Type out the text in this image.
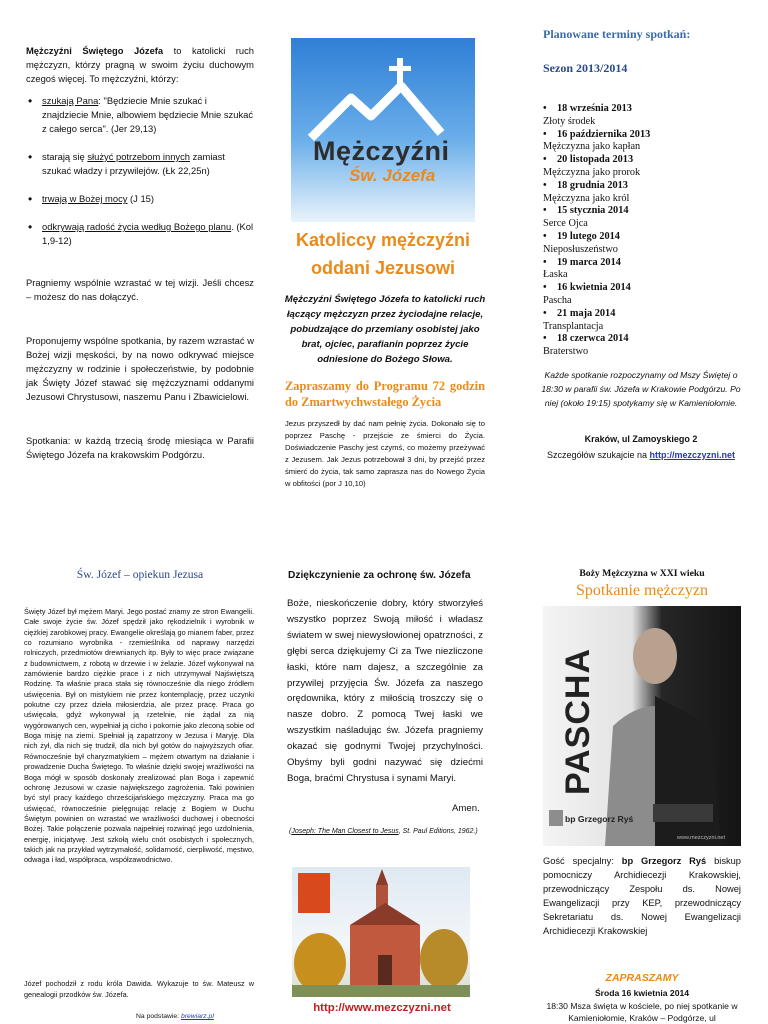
Mężczyźni Świętego Józefa to katolicki ruch mężczyzn, którzy pragną w swoim życiu duchowym czegoś więcej. To mężczyźni, którzy:
• szukają Pana: "Będziecie Mnie szukać i znajdziecie Mnie, albowiem będziecie Mnie szukać z całego serca". (Jer 29,13)
• starają się służyć potrzebom innych zamiast szukać władzy i przywilejów. (Łk 22,25n)
• trwają w Bożej mocy (J 15)
• odkrywają radość życia według Bożego planu. (Kol 1,9-12)
Pragniemy wspólnie wzrastać w tej wizji. Jeśli chcesz – możesz do nas dołączyć.
Proponujemy wspólne spotkania, by razem wzrastać w Bożej wizji męskości, by na nowo odkrywać miejsce mężczyzny w rodzinie i społeczeństwie, by podobnie jak Święty Józef stawać się mężczyznami oddanymi Jezusowi Chrystusowi, naszemu Panu i Zbawicielowi.
Spotkania: w każdą trzecią środę miesiąca w Parafii Świętego Józefa na krakowskim Podgórzu.
Mężczyźni
Św. Józefa
Katoliccy mężczyźni
oddani Jezusowi
Mężczyźni Świętego Józefa to katolicki ruch łączący mężczyzn przez życiodajne relacje, pobudzające do przemiany osobistej jako brat, ojciec, parafianin poprzez życie odniesione do Bożego Słowa.
Zapraszamy do Programu 72 godzin do Zmartwychwstałego Życia
Jezus przyszedł by dać nam pełnię życia. Dokonało się to poprzez Paschę - przejście ze śmierci do Życia. Doświadczenie Paschy jest czymś, co możemy przeżywać z Jezusem. Jak Jezus potrzebował 3 dni, by przejść przez śmierć do życia, tak samo zaprasza nas do Nowego Życia w obfitości (por J 10,10)
Planowane terminy spotkań:
Sezon 2013/2014
• 18 września 2013
Złoty środek
• 16 października 2013
Mężczyzna jako kapłan
• 20 listopada 2013
Mężczyzna jako prorok
• 18 grudnia 2013
Mężczyzna jako król
• 15 stycznia 2014
Serce Ojca
• 19 lutego 2014
Nieposłuszeństwo
• 19 marca 2014
Łaska
• 16 kwietnia 2014
Pascha
• 21 maja 2014
Transplantacja
• 18 czerwca 2014
Braterstwo
Każde spotkanie rozpoczynamy od Mszy Świętej o 18:30 w parafii św. Józefa w Krakowie Podgórzu. Po niej (około 19:15) spotykamy się w Kamieniołomie.
Kraków, ul Zamoyskiego 2
Szczegółów szukajcie na http://mezczyzni.net
Św. Józef – opiekun Jezusa
Święty Józef był mężem Maryi. Jego postać znamy ze stron Ewangelii. Całe swoje życie św. Józef spędził jako rękodzielnik i wyrobnik w ciężkiej zarobkowej pracy. Ewangelie określają go mianem faber, przez co rozumiano wyrobnika - rzemieślnika od naprawy narzędzi rolniczych, przedmiotów drewnianych itp. Były to więc prace związane z budownictwem, z robotą w drzewie i w żelazie. Józef wykonywał na zamówienie bardzo ciężkie prace i z nich utrzymywał Najświętszą Rodzinę. Ta właśnie praca stała się równocześnie dla niego źródłem uświęcenia. Był on mistykiem nie przez kontemplację, przez uczynki pokutne czy przez dzieła miłosierdzia, ale przez pracę. Praca go uświęcała, gdyż wykonywał ją rzetelnie, nie żądał za nią wygórowanych cen, wypełniał ją cicho i pokornie jako zleconą sobie od Boga misję na ziemi. Spełniał ją zapatrzony w Jezusa i Maryję. Dla nich żył, dla nich się trudził, dla nich był gotów do najwyższych ofiar. Równocześnie był charyzmatykiem – mężem otwartym na działanie i prowadzenie Ducha Świętego. To właśnie dzięki swojej wrażliwości na Boga mógł w sposób doskonały zrealizować plan Boga i zapewnić ochronę Jezusowi w czasie największego zagrożenia. Taki powinien być styl pracy każdego chrześcijańskiego mężczyzny. Praca ma go uświęcać, równocześnie pielęgnując relację z Bogiem w Duchu Świętym powinien on wzrastać we wrażliwości duchowej i obecności Bożej. Takie połączenie pozwala najpełniej rozwinąć jego uzdolnienia, energię, inicjatywę. Jest szkołą wielu cnót osobistych i społecznych, takich jak na przykład wytrzymałość, solidarność, cierpliwość, męstwo, odwaga i ład, współpraca, współzawodnictwo.
Józef pochodził z rodu króla Dawida. Wykazuje to św. Mateusz w genealogii przodków św. Józefa.
Na podstawie: brewiarz.pl
Dziękczynienie za ochronę św. Józefa
Boże, nieskończenie dobry, który stworzyłeś wszystko poprzez Swoją miłość i władasz światem w swej niewysłowionej opatrzności, z głębi serca dziękujemy Ci za Twe niezliczone łaski, które nam dajesz, a szczególnie za przywilej przyjęcia Św. Józefa za naszego orędownika, który z miłością troszczy się o nasze dobro. Z pomocą Twej łaski we wszystkim naśladując św. Józefa pragniemy okazać się godnymi Twojej przychylności. Obyśmy byli godni nazywać się dziećmi Boga, braćmi Chrystusa i synami Maryi.
Amen.
(Joseph: The Man Closest to Jesus, St. Paul Editions, 1962.)
http://www.mezczyzni.net
Boży Mężczyzna w XXI wieku
Spotkanie mężczyzn
PASCHA
bp Grzegorz Ryś
www.mezczyzni.net
Gość specjalny: bp Grzegorz Ryś biskup pomocniczy Archidiecezji Krakowskiej, przewodniczący Zespołu ds. Nowej Ewangelizacji przy KEP, przewodniczący Sekretariatu ds. Nowej Ewangelizacji Archidiecezji Krakowskiej
ZAPRASZAMY
Środa 16 kwietnia 2014
18:30 Msza święta w kościele, po niej spotkanie w Kamieniołomie, Kraków – Podgórze, ul
